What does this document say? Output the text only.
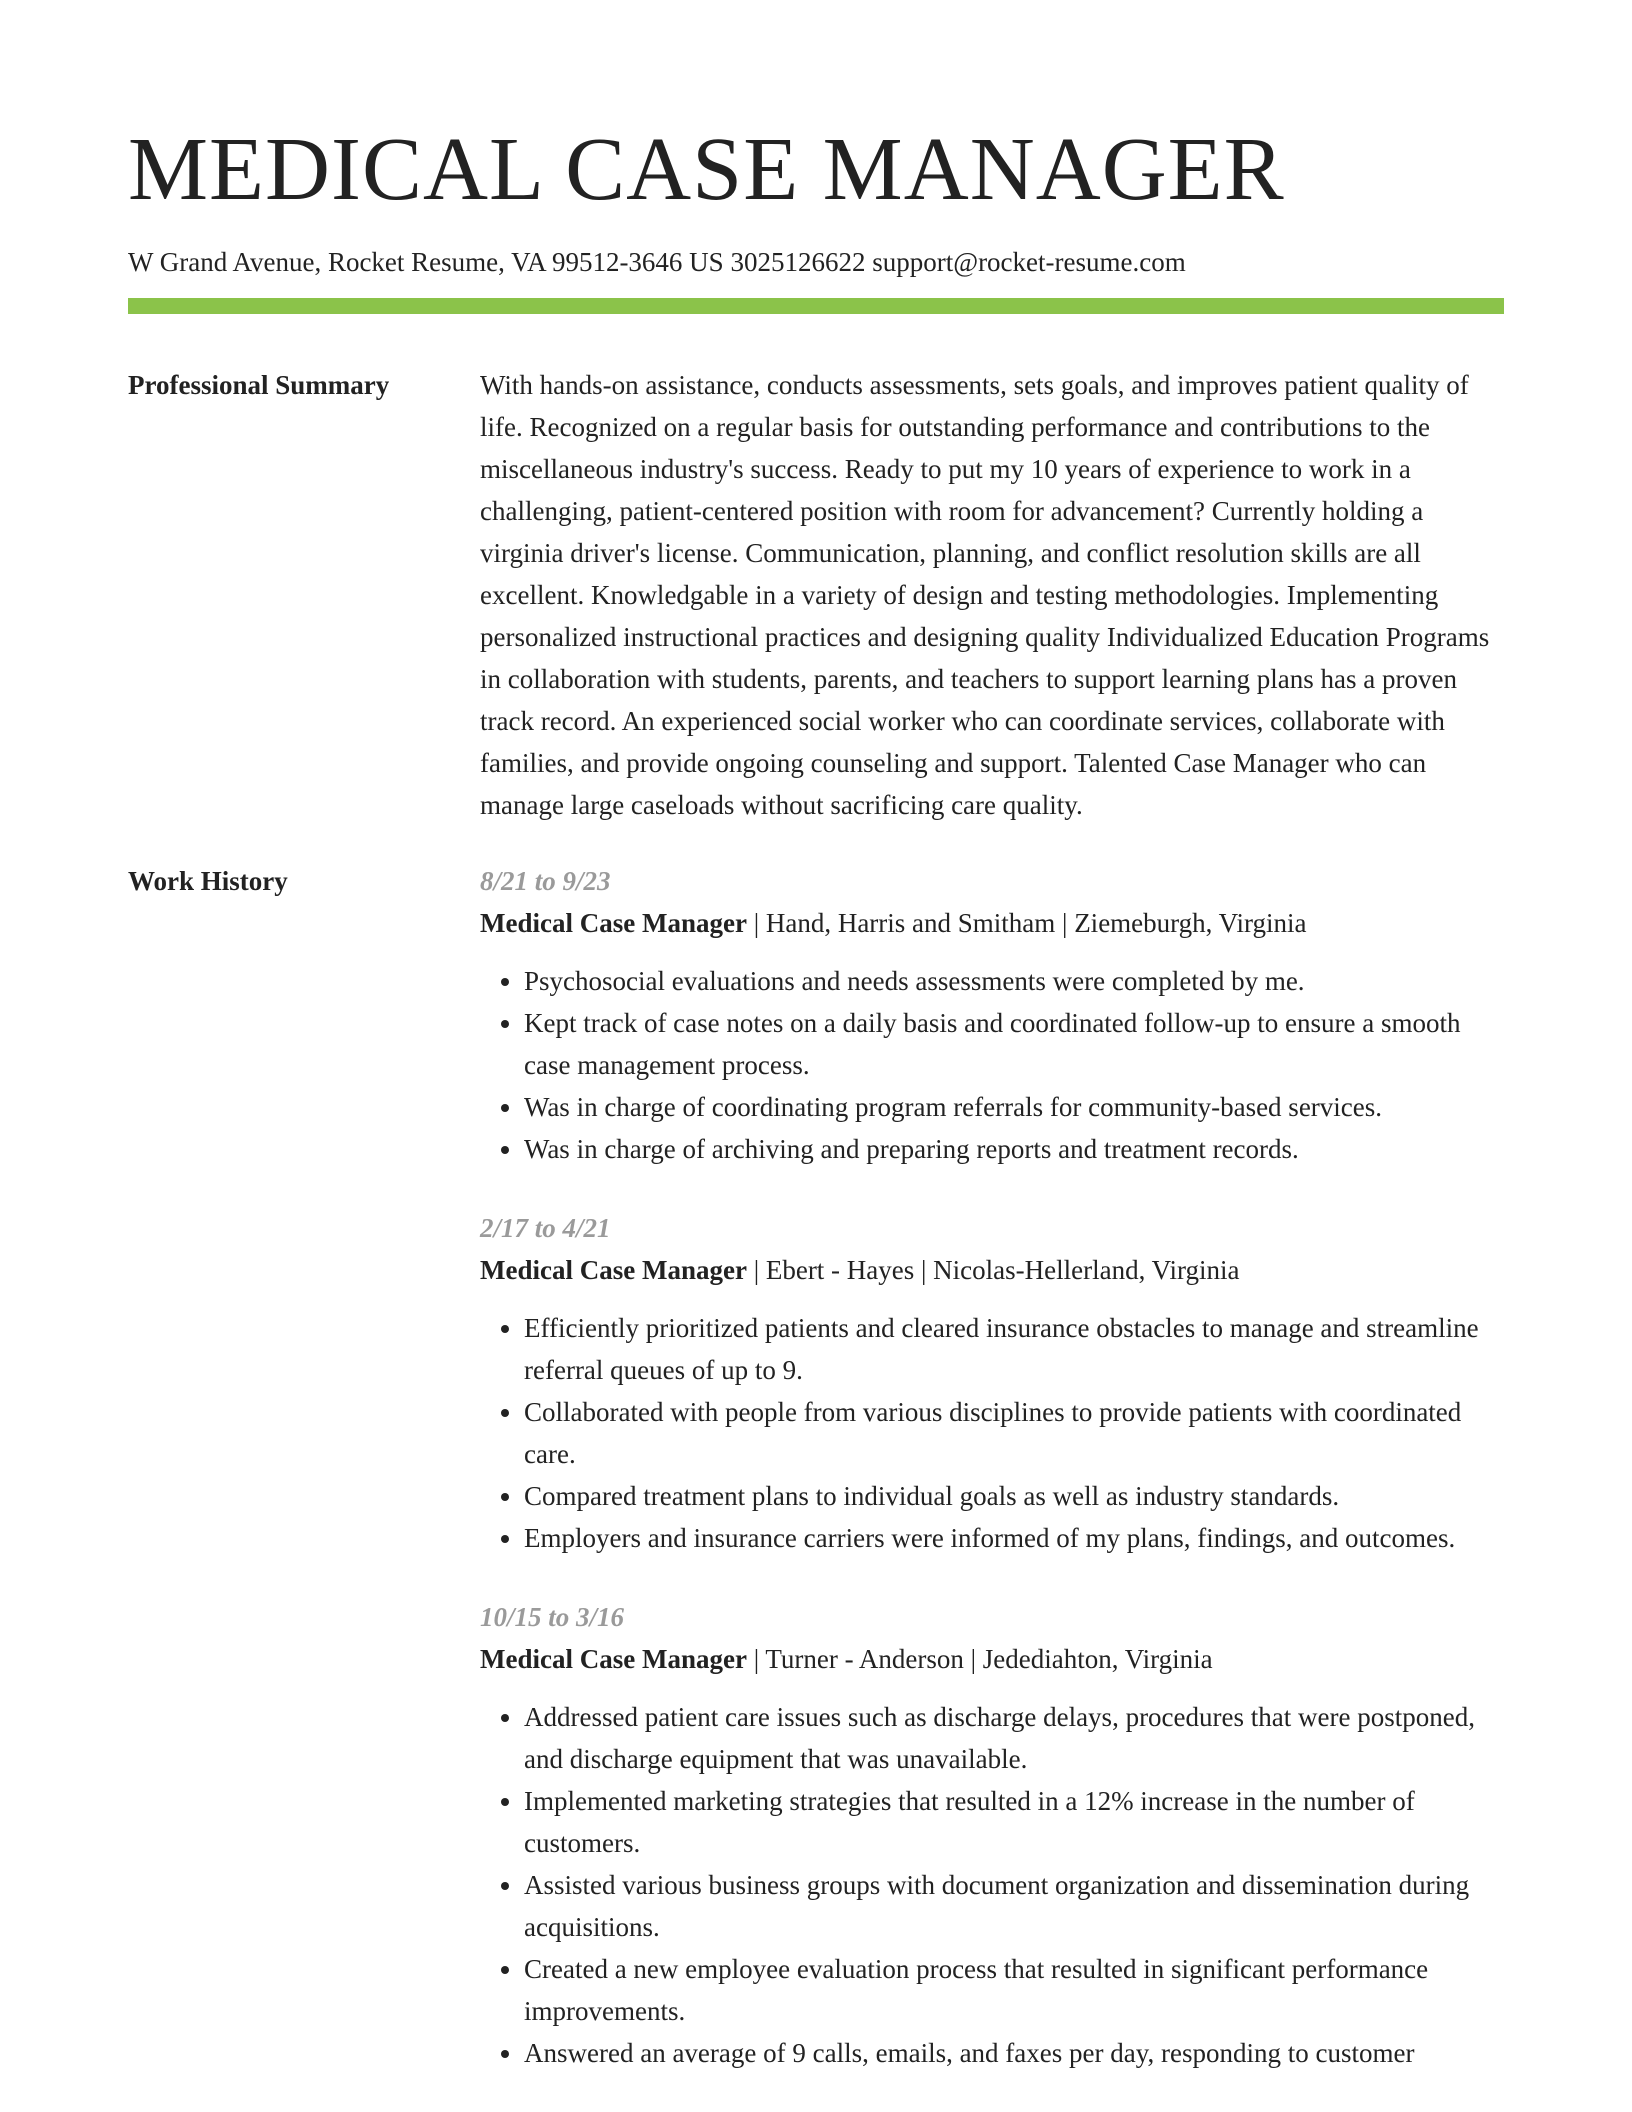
MEDICAL CASE MANAGER
W Grand Avenue, Rocket Resume, VA 99512-3646 US 3025126622 support@rocket-resume.com
Professional Summary	With hands-on assistance, conducts assessments, sets goals, and improves patient quality of life. Recognized on a regular basis for outstanding performance and contributions to the miscellaneous industry's success. Ready to put my 10 years of experience to work in a challenging, patient-centered position with room for advancement? Currently holding a virginia driver's license. Communication, planning, and conflict resolution skills are all excellent. Knowledgable in a variety of design and testing methodologies. Implementing personalized instructional practices and designing quality Individualized Education Programs in collaboration with students, parents, and teachers to support learning plans has a proven track record. An experienced social worker who can coordinate services, collaborate with families, and provide ongoing counseling and support. Talented Case Manager who can manage large caseloads without sacrificing care quality.

Work History	8/21 to 9/23
Medical Case Manager | Hand, Harris and Smitham | Ziemeburgh, Virginia
• Psychosocial evaluations and needs assessments were completed by me.
• Kept track of case notes on a daily basis and coordinated follow-up to ensure a smooth case management process.
• Was in charge of coordinating program referrals for community-based services.
• Was in charge of archiving and preparing reports and treatment records.
2/17 to 4/21
Medical Case Manager | Ebert - Hayes | Nicolas-Hellerland, Virginia
• Efficiently prioritized patients and cleared insurance obstacles to manage and streamline referral queues of up to 9.
• Collaborated with people from various disciplines to provide patients with coordinated care.
• Compared treatment plans to individual goals as well as industry standards.
• Employers and insurance carriers were informed of my plans, findings, and outcomes.
10/15 to 3/16
Medical Case Manager | Turner - Anderson | Jedediahton, Virginia
• Addressed patient care issues such as discharge delays, procedures that were postponed, and discharge equipment that was unavailable.
• Implemented marketing strategies that resulted in a 12% increase in the number of customers.
• Assisted various business groups with document organization and dissemination during acquisitions.
• Created a new employee evaluation process that resulted in significant performance improvements.
• Answered an average of 9 calls, emails, and faxes per day, responding to customer
